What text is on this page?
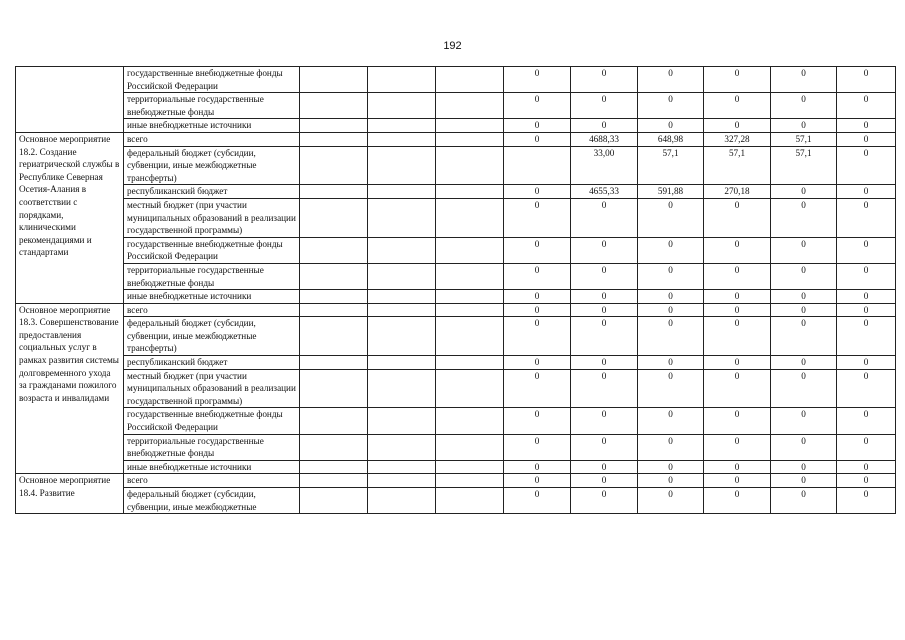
192
	государственные внебюджетные фонды Российской Федерации				0	0	0	0	0	0
	территориальные государственные внебюджетные фонды				0	0	0	0	0	0
	иные внебюджетные источники				0	0	0	0	0	0
Основное мероприятие 18.2. Создание гериатрической службы в Республике Северная Осетия-Алания в соответствии с порядками, клиническими рекомендациями и стандартами	всего				0	4688,33	648,98	327,28	57,1	0
	федеральный бюджет (субсидии, субвенции, иные межбюджетные трансферты)					33,00	57,1	57,1	57,1	0
	республиканский бюджет				0	4655,33	591,88	270,18	0	0
	местный бюджет (при участии муниципальных образований в реализации государственной программы)				0	0	0	0	0	0
	государственные внебюджетные фонды Российской Федерации				0	0	0	0	0	0
	территориальные государственные внебюджетные фонды				0	0	0	0	0	0
	иные внебюджетные источники				0	0	0	0	0	0
Основное мероприятие 18.3. Совершенствование предоставления социальных услуг в рамках развития системы долговременного ухода за гражданами пожилого возраста и инвалидами	всего				0	0	0	0	0	0
	федеральный бюджет (субсидии, субвенции, иные межбюджетные трансферты)				0	0	0	0	0	0
	республиканский бюджет				0	0	0	0	0	0
	местный бюджет (при участии муниципальных образований в реализации государственной программы)				0	0	0	0	0	0
	государственные внебюджетные фонды Российской Федерации				0	0	0	0	0	0
	территориальные государственные внебюджетные фонды				0	0	0	0	0	0
	иные внебюджетные источники				0	0	0	0	0	0
Основное мероприятие 18.4. Развитие	всего				0	0	0	0	0	0
	федеральный бюджет (субсидии, субвенции, иные межбюджетные				0	0	0	0	0	0
